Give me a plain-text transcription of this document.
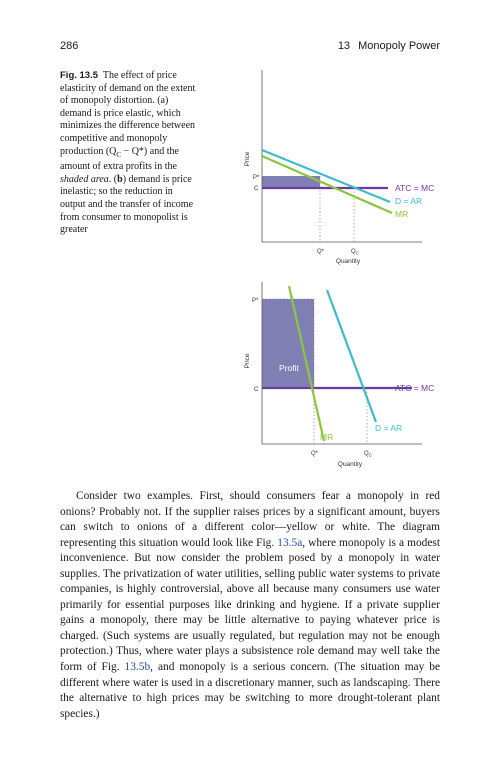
286	13 Monopoly Power
Fig. 13.5 The effect of price elasticity of demand on the extent of monopoly distortion. (a) demand is price elastic, which minimizes the difference between competitive and monopoly production $(Q_C - Q*)$ and the amount of extra profits in the shaded area. (b) demand is price inelastic; so the reduction in output and the transfer of income from consumer to monopolist is greater
Price
P*
C
Q*	$Q_C$
Quantity
ATC = MC
D = AR
MR
Profit
Price
P*
C
Q*	$Q_C$
Quantity
ATC = MC
D = AR
MR

Consider two examples. First, should consumers fear a monopoly in red onions? Probably not. If the supplier raises prices by a significant amount, buyers can switch to onions of a different color—yellow or white. The diagram representing this situation would look like Fig. 13.5a, where monopoly is a modest inconvenience. But now consider the problem posed by a monopoly in water supplies. The privatization of water utilities, selling public water systems to private companies, is highly controversial, above all because many consumers use water primarily for essential purposes like drinking and hygiene. If a private supplier gains a monopoly, there may be little alternative to paying whatever price is charged. (Such systems are usually regulated, but regulation may not be enough protection.) Thus, where water plays a subsistence role demand may well take the form of Fig. 13.5b, and monopoly is a serious concern. (The situation may be different where water is used in a discretionary manner, such as landscaping. There the alternative to high prices may be switching to more drought-tolerant plant species.)
